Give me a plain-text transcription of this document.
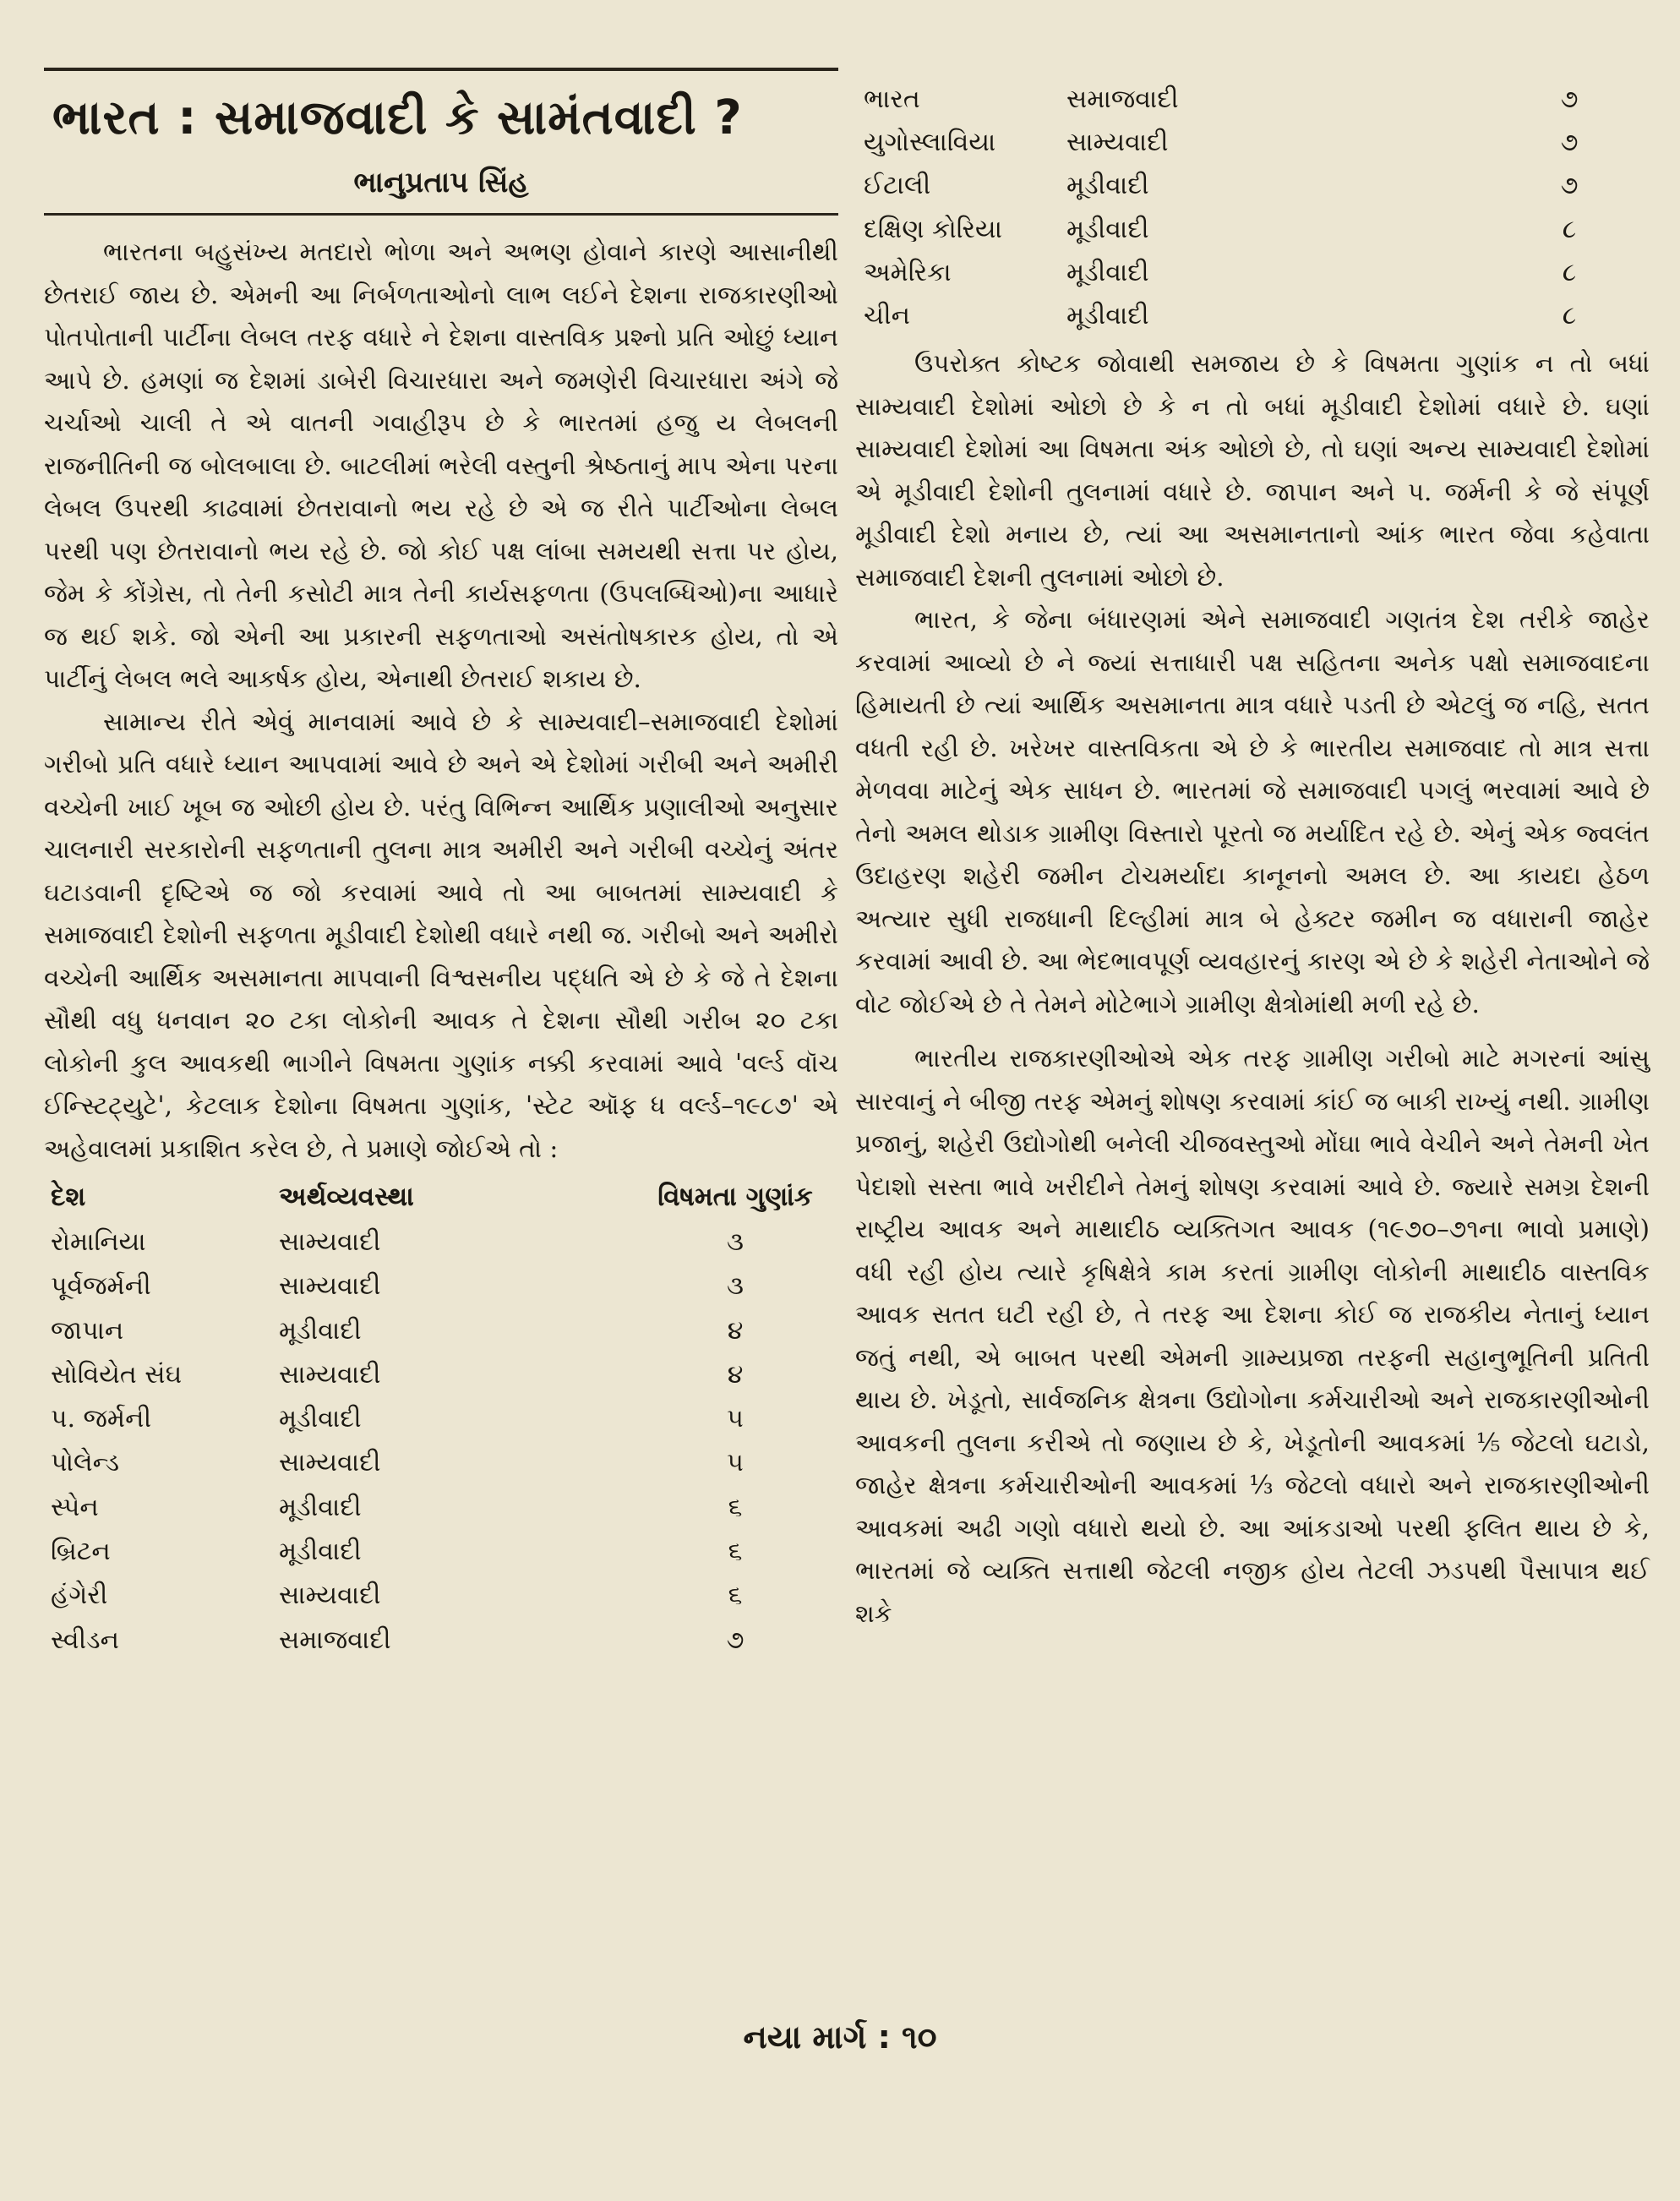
ભારત : સમાજવાદી કે સામંતવાદી ?
ભાનુપ્રતાપ સિંહ

ભારતના બહુસંખ્ય મતદારો ભોળા અને અભણ હોવાને કારણે આસાનીથી છેતરાઈ જાય છે. એમની આ નિર્બળતાઓનો લાભ લઈને દેશના રાજકારણીઓ પોતપોતાની પાર્ટીના લેબલ તરફ વધારે ને દેશના વાસ્તવિક પ્રશ્નો પ્રતિ ઓછું ધ્યાન આપે છે. હમણાં જ દેશમાં ડાબેરી વિચારધારા અને જમણેરી વિચારધારા અંગે જે ચર્ચાઓ ચાલી તે એ વાતની ગવાહીરૂપ છે કે ભારતમાં હજુ ય લેબલની રાજનીતિની જ બોલબાલા છે. બાટલીમાં ભરેલી વસ્તુની શ્રેષ્ઠતાનું માપ એના પરના લેબલ ઉપરથી કાઢવામાં છેતરાવાનો ભય રહે છે એ જ રીતે પાર્ટીઓના લેબલ પરથી પણ છેતરાવાનો ભય રહે છે. જો કોઈ પક્ષ લાંબા સમયથી સત્તા પર હોય, જેમ કે કોંગ્રેસ, તો તેની કસોટી માત્ર તેની કાર્યસફળતા (ઉપલબ્ધિઓ)ના આધારે જ થઈ શકે. જો એની આ પ્રકારની સફળતાઓ અસંતોષકારક હોય, તો એ પાર્ટીનું લેબલ ભલે આકર્ષક હોય, એનાથી છેતરાઈ શકાય છે.

સામાન્ય રીતે એવું માનવામાં આવે છે કે સામ્યવાદી–સમાજવાદી દેશોમાં ગરીબો પ્રતિ વધારે ધ્યાન આપવામાં આવે છે અને એ દેશોમાં ગરીબી અને અમીરી વચ્ચેની ખાઈ ખૂબ જ ઓછી હોય છે. પરંતુ વિભિન્ન આર્થિક પ્રણાલીઓ અનુસાર ચાલનારી સરકારોની સફળતાની તુલના માત્ર અમીરી અને ગરીબી વચ્ચેનું અંતર ઘટાડવાની દૃષ્ટિએ જ જો કરવામાં આવે તો આ બાબતમાં સામ્યવાદી કે સમાજવાદી દેશોની સફળતા મૂડીવાદી દેશોથી વધારે નથી જ. ગરીબો અને અમીરો વચ્ચેની આર્થિક અસમાનતા માપવાની વિશ્વસનીય પદ્ધતિ એ છે કે જે તે દેશના સૌથી વધુ ધનવાન ૨૦ ટકા લોકોની આવક તે દેશના સૌથી ગરીબ ૨૦ ટકા લોકોની કુલ આવકથી ભાગીને વિષમતા ગુણાંક નક્કી કરવામાં આવે 'વર્લ્ડ વૉચ ઈન્સ્ટિટ્યુટે', કેટલાક દેશોના વિષમતા ગુણાંક, 'સ્ટેટ ઑફ ધ વર્લ્ડ–૧૯૮૭' એ અહેવાલમાં પ્રકાશિત કરેલ છે, તે પ્રમાણે જોઈએ તો :

દેશ	અર્થવ્યવસ્થા	વિષમતા ગુણાંક
રોમાનિયા	સામ્યવાદી	૩
પૂર્વજર્મની	સામ્યવાદી	૩
જાપાન	મૂડીવાદી	૪
સોવિયેત સંઘ	સામ્યવાદી	૪
પ. જર્મની	મૂડીવાદી	૫
પોલેન્ડ	સામ્યવાદી	૫
સ્પેન	મૂડીવાદી	૬
બ્રિટન	મૂડીવાદી	૬
હંગેરી	સામ્યવાદી	૬
સ્વીડન	સમાજવાદી	૭
ભારત	સમાજવાદી	૭
યુગોસ્લાવિયા	સામ્યવાદી	૭
ઈટાલી	મૂડીવાદી	૭
દક્ષિણ કોરિયા	મૂડીવાદી	૮
અમેરિકા	મૂડીવાદી	૮
ચીન	મૂડીવાદી	૮

ઉપરોક્ત કોષ્ટક જોવાથી સમજાય છે કે વિષમતા ગુણાંક ન તો બધાં સામ્યવાદી દેશોમાં ઓછો છે કે ન તો બધાં મૂડીવાદી દેશોમાં વધારે છે. ઘણાં સામ્યવાદી દેશોમાં આ વિષમતા અંક ઓછો છે, તો ઘણાં અન્ય સામ્યવાદી દેશોમાં એ મૂડીવાદી દેશોની તુલનામાં વધારે છે. જાપાન અને પ. જર્મની કે જે સંપૂર્ણ મૂડીવાદી દેશો મનાય છે, ત્યાં આ અસમાનતાનો આંક ભારત જેવા કહેવાતા સમાજવાદી દેશની તુલનામાં ઓછો છે.

ભારત, કે જેના બંધારણમાં એને સમાજવાદી ગણતંત્ર દેશ તરીકે જાહેર કરવામાં આવ્યો છે ને જ્યાં સત્તાધારી પક્ષ સહિતના અનેક પક્ષો સમાજવાદના હિમાયતી છે ત્યાં આર્થિક અસમાનતા માત્ર વધારે પડતી છે એટલું જ નહિ, સતત વધતી રહી છે. ખરેખર વાસ્તવિકતા એ છે કે ભારતીય સમાજવાદ તો માત્ર સત્તા મેળવવા માટેનું એક સાધન છે. ભારતમાં જે સમાજવાદી પગલું ભરવામાં આવે છે તેનો અમલ થોડાક ગ્રામીણ વિસ્તારો પૂરતો જ મર્યાદિત રહે છે. એનું એક જ્વલંત ઉદાહરણ શહેરી જમીન ટોચમર્યાદા કાનૂનનો અમલ છે. આ કાયદા હેઠળ અત્યાર સુધી રાજધાની દિલ્હીમાં માત્ર બે હેક્ટર જમીન જ વધારાની જાહેર કરવામાં આવી છે. આ ભેદભાવપૂર્ણ વ્યવહારનું કારણ એ છે કે શહેરી નેતાઓને જે વોટ જોઈએ છે તે તેમને મોટેભાગે ગ્રામીણ ક્ષેત્રોમાંથી મળી રહે છે.

ભારતીય રાજકારણીઓએ એક તરફ ગ્રામીણ ગરીબો માટે મગરનાં આંસુ સારવાનું ને બીજી તરફ એમનું શોષણ કરવામાં કાંઈ જ બાકી રાખ્યું નથી. ગ્રામીણ પ્રજાનું, શહેરી ઉદ્યોગોથી બનેલી ચીજવસ્તુઓ મોંઘા ભાવે વેચીને અને તેમની ખેત પેદાશો સસ્તા ભાવે ખરીદીને તેમનું શોષણ કરવામાં આવે છે. જ્યારે સમગ્ર દેશની રાષ્ટ્રીય આવક અને માથાદીઠ વ્યક્તિગત આવક (૧૯૭૦–૭૧ના ભાવો પ્રમાણે) વધી રહી હોય ત્યારે કૃષિક્ષેત્રે કામ કરતાં ગ્રામીણ લોકોની માથાદીઠ વાસ્તવિક આવક સતત ઘટી રહી છે, તે તરફ આ દેશના કોઈ જ રાજકીય નેતાનું ધ્યાન જતું નથી, એ બાબત પરથી એમની ગ્રામ્યપ્રજા તરફની સહાનુભૂતિની પ્રતિતી થાય છે. ખેડૂતો, સાર્વજનિક ક્ષેત્રના ઉદ્યોગોના કર્મચારીઓ અને રાજકારણીઓની આવકની તુલના કરીએ તો જણાય છે કે, ખેડૂતોની આવકમાં ⅕ જેટલો ઘટાડો, જાહેર ક્ષેત્રના કર્મચારીઓની આવકમાં ⅓ જેટલો વધારો અને રાજકારણીઓની આવકમાં અઢી ગણો વધારો થયો છે. આ આંકડાઓ પરથી ફલિત થાય છે કે, ભારતમાં જે વ્યક્તિ સત્તાથી જેટલી નજીક હોય તેટલી ઝડપથી પૈસાપાત્ર થઈ શકે

નયા માર્ગ : ૧૦
